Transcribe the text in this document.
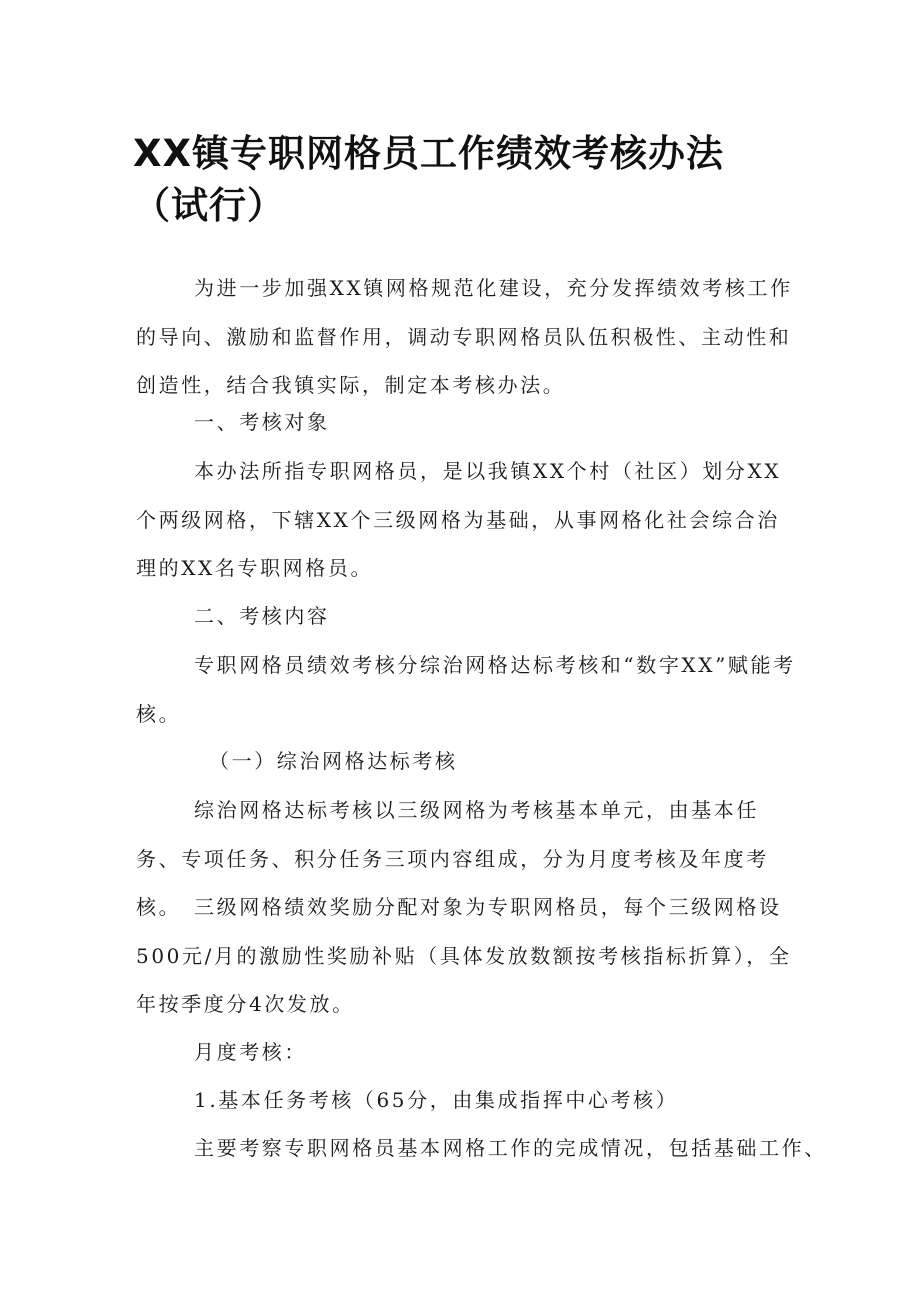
XX镇专职网格员工作绩效考核办法（试行）

为进一步加强XX镇网格规范化建设，充分发挥绩效考核工作的导向、激励和监督作用，调动专职网格员队伍积极性、主动性和创造性，结合我镇实际，制定本考核办法。

一、考核对象

本办法所指专职网格员，是以我镇XX个村（社区）划分XX个两级网格，下辖XX个三级网格为基础，从事网格化社会综合治理的XX名专职网格员。

二、考核内容

专职网格员绩效考核分综治网格达标考核和“数字XX”赋能考核。

（一）综治网格达标考核

综治网格达标考核以三级网格为考核基本单元，由基本任务、专项任务、积分任务三项内容组成，分为月度考核及年度考核。 三级网格绩效奖励分配对象为专职网格员，每个三级网格设500元/月的激励性奖励补贴（具体发放数额按考核指标折算），全年按季度分4次发放。

月度考核：

1.基本任务考核（65分，由集成指挥中心考核）

主要考察专职网格员基本网格工作的完成情况，包括基础工作、
